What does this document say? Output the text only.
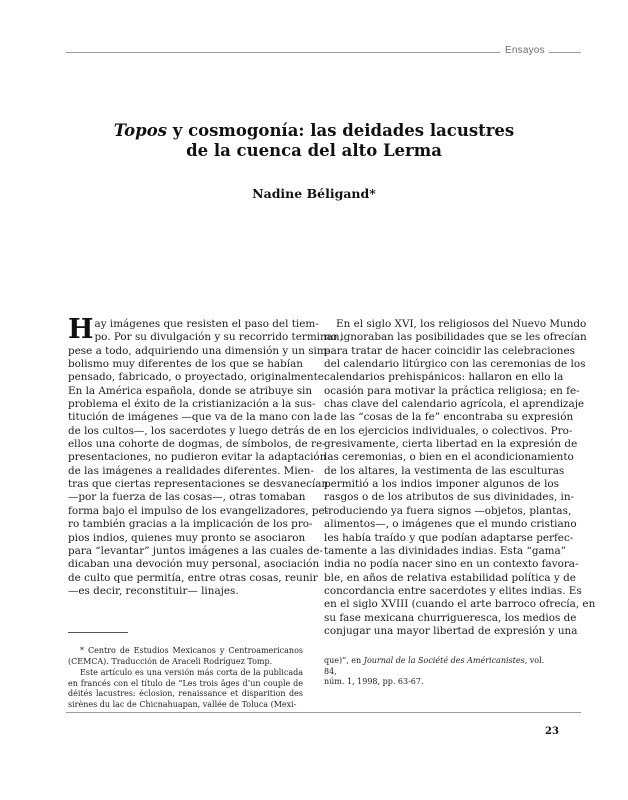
Ensayos
Topos y cosmogonía: las deidades lacustres
de la cuenca del alto Lerma
Nadine Béligand*
H ay imágenes que resisten el paso del tiem-
po. Por su divulgación y su recorrido terminan,
pese a todo, adquiriendo una dimensión y un sim-
bolismo muy diferentes de los que se habían
pensado, fabricado, o proyectado, originalmente.
En la América española, donde se atribuye sin
problema el éxito de la cristianización a la sus-
titución de imágenes —que va de la mano con la
de los cultos—, los sacerdotes y luego detrás de
ellos una cohorte de dogmas, de símbolos, de re-
presentaciones, no pudieron evitar la adaptación
de las imágenes a realidades diferentes. Mien-
tras que ciertas representaciones se desvanecían
—por la fuerza de las cosas—, otras tomaban
forma bajo el impulso de los evangelizadores, pe-
ro también gracias a la implicación de los pro-
pios indios, quienes muy pronto se asociaron
para “levantar” juntos imágenes a las cuales de-
dicaban una devoción muy personal, asociación
de culto que permitía, entre otras cosas, reunir
—es decir, reconstituir— linajes.
En el siglo XVI, los religiosos del Nuevo Mundo
no ignoraban las posibilidades que se les ofrecían
para tratar de hacer coincidir las celebraciones
del calendario litúrgico con las ceremonias de los
calendarios prehispánicos: hallaron en ello la
ocasión para motivar la práctica religiosa; en fe-
chas clave del calendario agrícola, el aprendizaje
de las “cosas de la fe” encontraba su expresión
en los ejercicios individuales, o colectivos. Pro-
gresivamente, cierta libertad en la expresión de
las ceremonias, o bien en el acondicionamiento
de los altares, la vestimenta de las esculturas
permitió a los indios imponer algunos de los
rasgos o de los atributos de sus divinidades, in-
troduciendo ya fuera signos —objetos, plantas,
alimentos—, o imágenes que el mundo cristiano
les había traído y que podían adaptarse perfec-
tamente a las divinidades indias. Esta “gama”
india no podía nacer sino en un contexto favora-
ble, en años de relativa estabilidad política y de
concordancia entre sacerdotes y elites indias. Es
en el siglo XVIII (cuando el arte barroco ofrecía, en
su fase mexicana churrigueresca, los medios de
conjugar una mayor libertad de expresión y una
* Centro de Estudios Mexicanos y Centroamericanos
(CEMCA). Traducción de Araceli Rodríguez Tomp.
Este artículo es una versión más corta de la publicada
en francés con el título de “Les trois âges d’un couple de
déités lacustres: éclosion, renaissance et disparition des
sirènes du lac de Chicnahuapan, vallée de Toluca (Mexi-
que)”, en Journal de la Société des Américanistes, vol. 84,
núm. 1, 1998, pp. 63-67.
23
